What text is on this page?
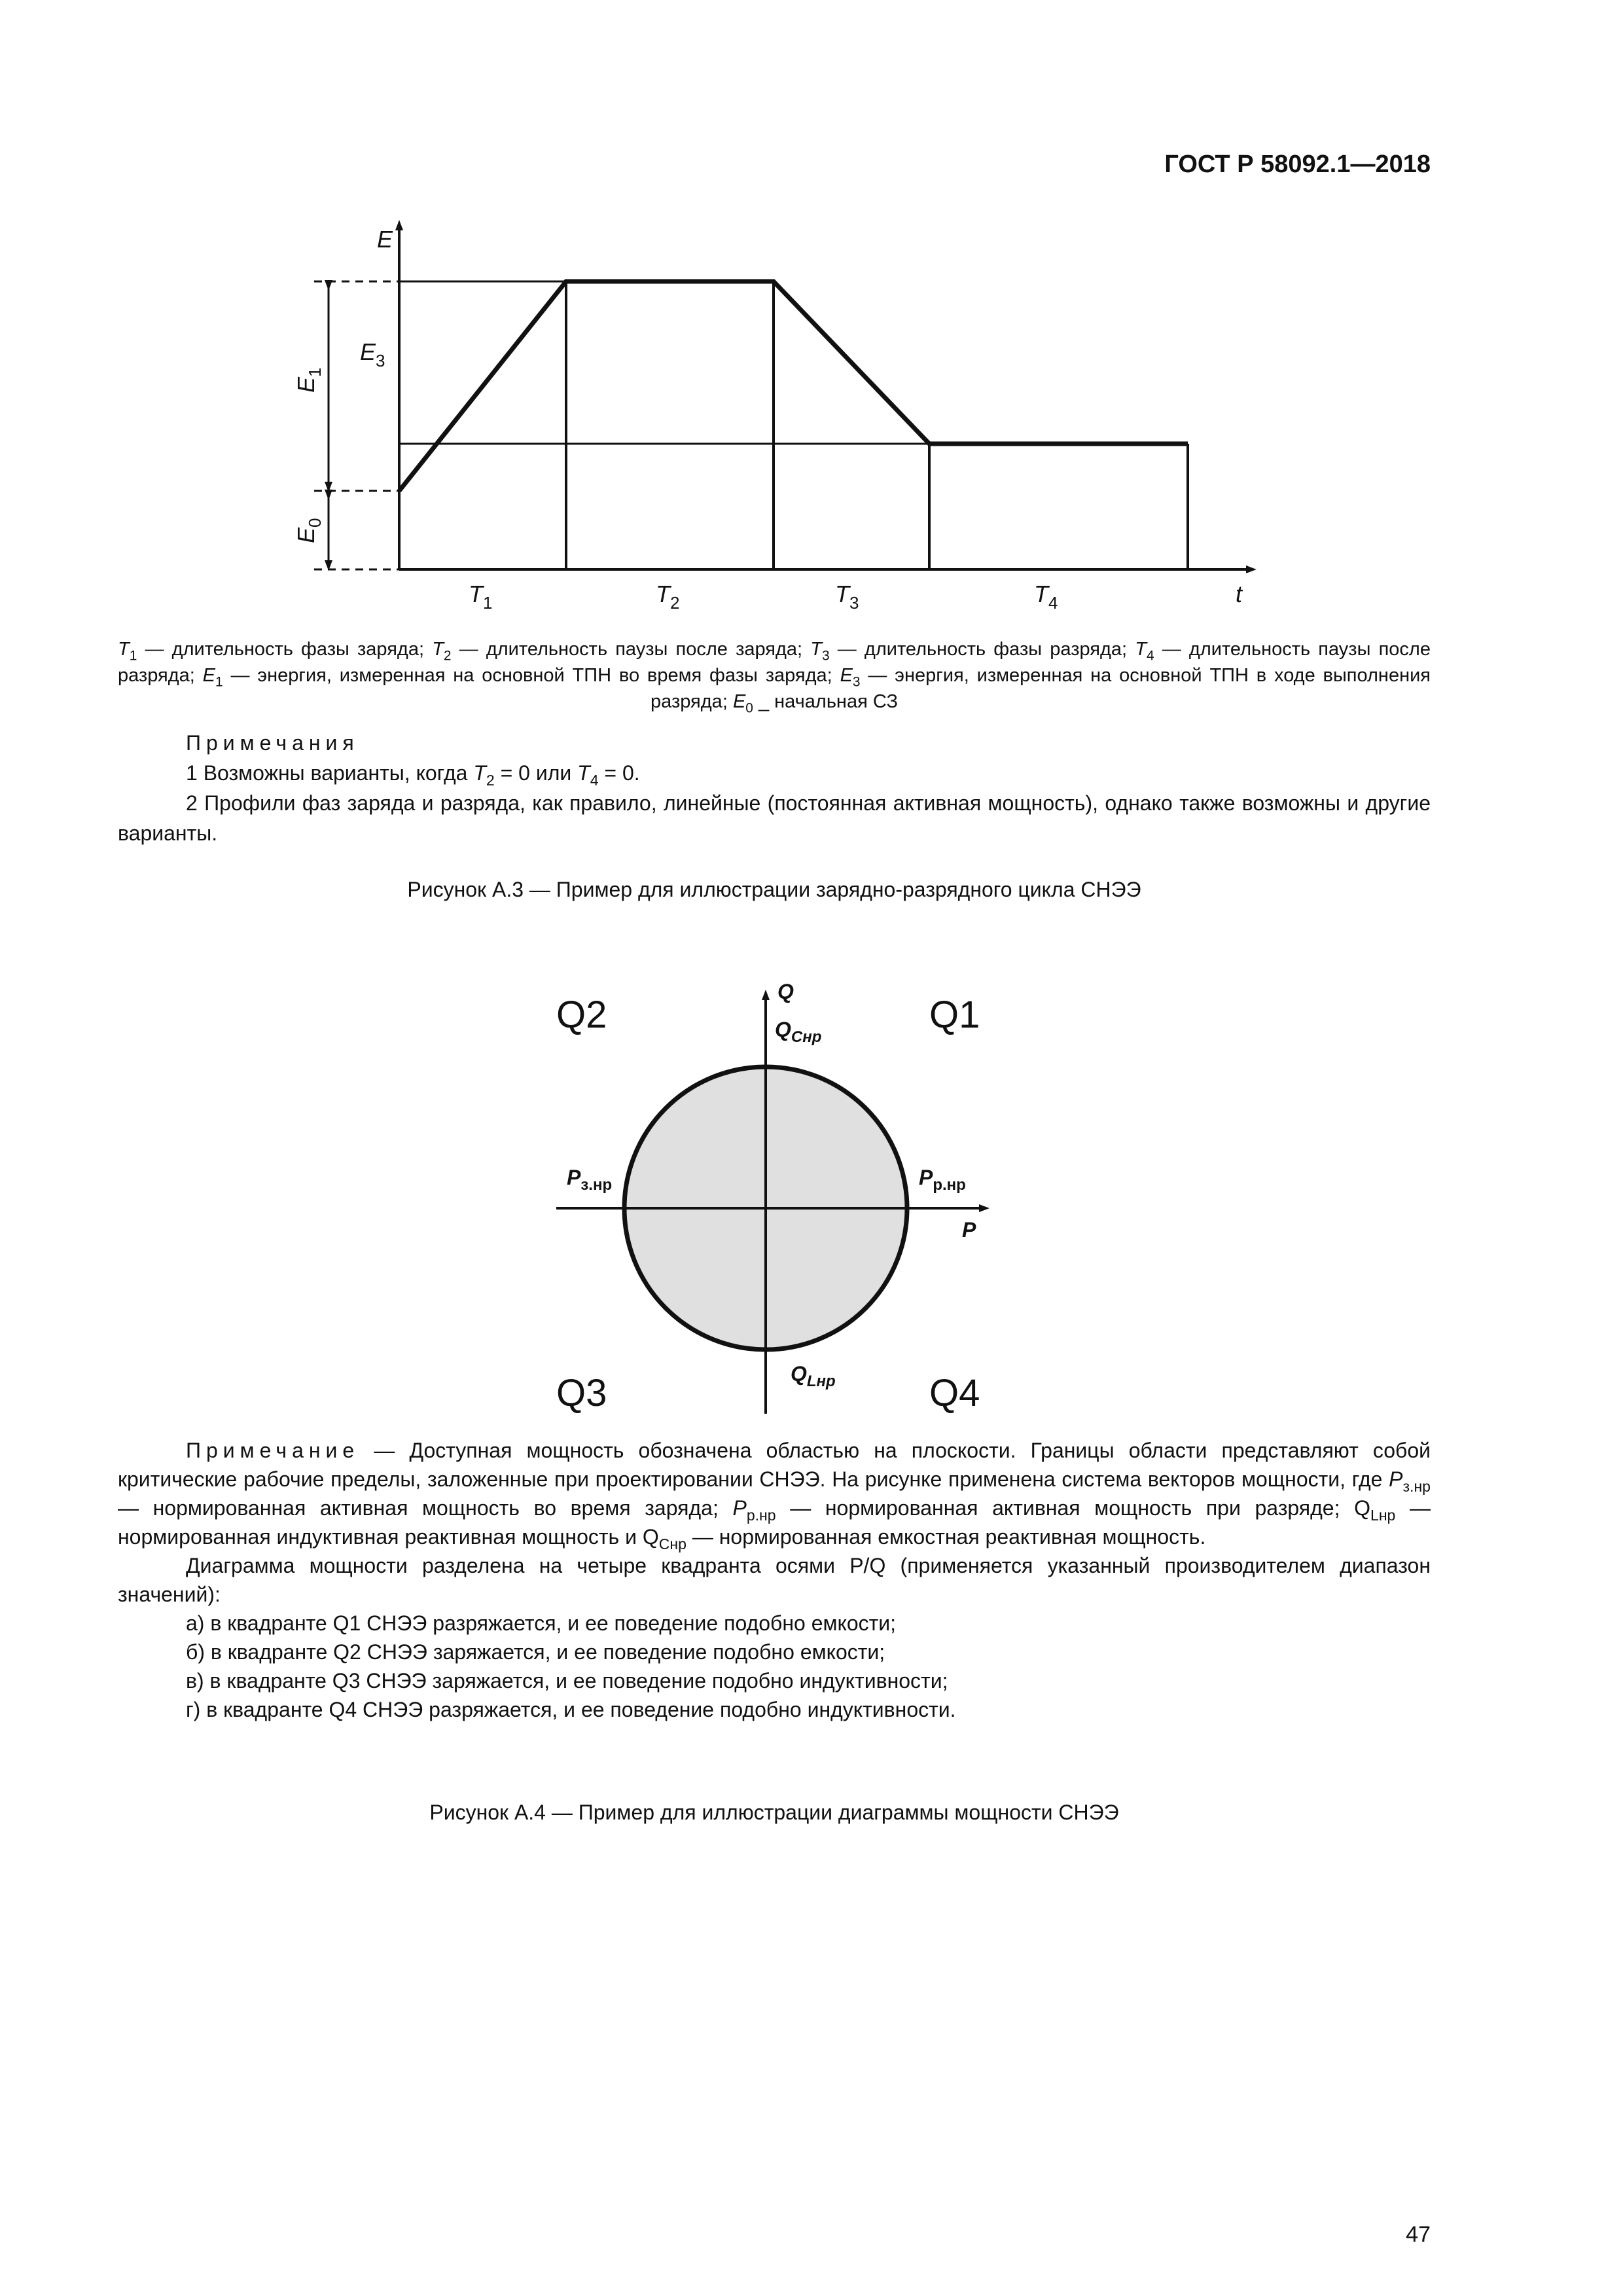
ГОСТ Р 58092.1—2018
E
t
$E_3$
$E_1$
$E_0$
$T_1$	$T_2$	$T_3$	$T_4$
$T_1$ — длительность фазы заряда; $T_2$ — длительность паузы после заряда; $T_3$ — длительность фазы разряда; $T_4$ — длительность паузы после разряда; $E_1$ — энергия, измеренная на основной ТПН во время фазы заряда; $E_3$ — энергия, измеренная на основной ТПН в ходе выполнения разряда; $E_0$ _ начальная СЗ

Примечания

1 Возможны варианты, когда $T_2 = 0$ или $T_4 = 0$.

2 Профили фаз заряда и разряда, как правило, линейные (постоянная активная мощность), однако также возможны и другие варианты.

Рисунок А.3 — Пример для иллюстрации зарядно-разрядного цикла СНЭЭ
Q2	Q1
Q3	Q4
Q
P
$Q_{Cнр}$
$Q_{Lнр}$
$P_{з.нр}$	$P_{р.нр}$

Примечание — Доступная мощность обозначена областью на плоскости. Границы области представляют собой критические рабочие пределы, заложенные при проектировании СНЭЭ. На рисунке применена система векторов мощности, где $P_{з.нр}$ — нормированная активная мощность во время заряда; $P_{р.нр}$ — нормированная активная мощность при разряде; $Q_{Lнр}$ — нормированная индуктивная реактивная мощность и $Q_{Cнр}$ — нормированная емкостная реактивная мощность.

Диаграмма мощности разделена на четыре квадранта осями P/Q (применяется указанный производителем диапазон значений):

а) в квадранте Q1 СНЭЭ разряжается, и ее поведение подобно емкости;

б) в квадранте Q2 СНЭЭ заряжается, и ее поведение подобно емкости;

в) в квадранте Q3 СНЭЭ заряжается, и ее поведение подобно индуктивности;

г) в квадранте Q4 СНЭЭ разряжается, и ее поведение подобно индуктивности.

Рисунок А.4 — Пример для иллюстрации диаграммы мощности СНЭЭ
47
